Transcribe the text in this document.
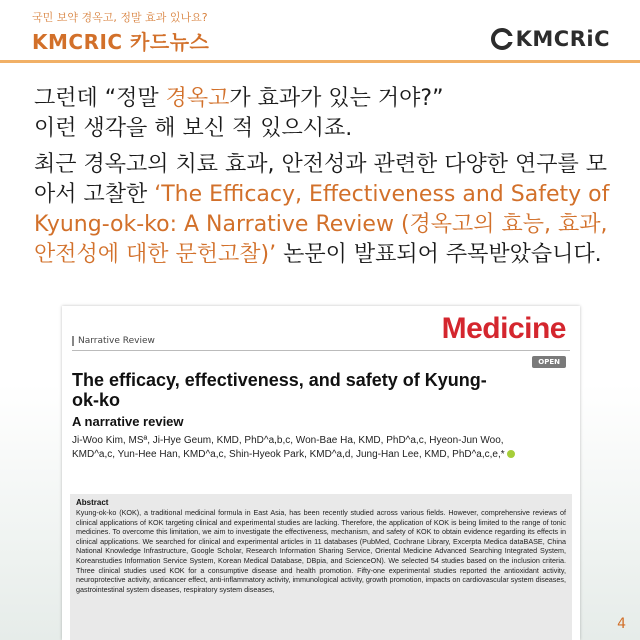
국민 보약 경옥고, 정말 효과 있나요?
KMCRIC 카드뉴스	KMCRiC
그런데 “정말 경옥고가 효과가 있는 거야?”
이런 생각을 해 보신 적 있으시죠.
최근 경옥고의 치료 효과, 안전성과 관련한 다양한 연구를 모아서 고찰한 ‘The Efficacy, Effectiveness and Safety of Kyung-ok-ko: A Narrative Review (경옥고의 효능, 효과, 안전성에 대한 문헌고찰)’ 논문이 발표되어 주목받았습니다.
Medicine
Narrative Review
OPEN
The efficacy, effectiveness, and safety of Kyung-ok-ko
A narrative review
Ji-Woo Kim, MSª, Ji-Hye Geum, KMD, PhD^a,b,c, Won-Bae Ha, KMD, PhD^a,c, Hyeon-Jun Woo, KMD^a,c, Yun-Hee Han, KMD^a,c, Shin-Hyeok Park, KMD^a,d, Jung-Han Lee, KMD, PhD^a,c,e,*
Abstract
Kyung-ok-ko (KOK), a traditional medicinal formula in East Asia, has been recently studied across various fields. However, comprehensive reviews of clinical applications of KOK targeting clinical and experimental studies are lacking. Therefore, the application of KOK is being limited to the range of tonic medicines. To overcome this limitation, we aim to investigate the effectiveness, mechanism, and safety of KOK to obtain evidence regarding its effects in clinical applications. We searched for clinical and experimental articles in 11 databases (PubMed, Cochrane Library, Excerpta Medica dataBASE, China National Knowledge Infrastructure, Google Scholar, Research Information Sharing Service, Oriental Medicine Advanced Searching Integrated System, Koreanstudies Information Service System, Korean Medical Database, DBpia, and ScienceON). We selected 54 studies based on the inclusion criteria. Three clinical studies used KOK for a consumptive disease and health promotion. Fifty-one experimental studies reported the antioxidant activity, neuroprotective activity, anticancer effect, anti-inflammatory activity, immunological activity, growth promotion, impacts on cardiovascular system diseases, gastrointestinal system diseases, respiratory system diseases,
4
